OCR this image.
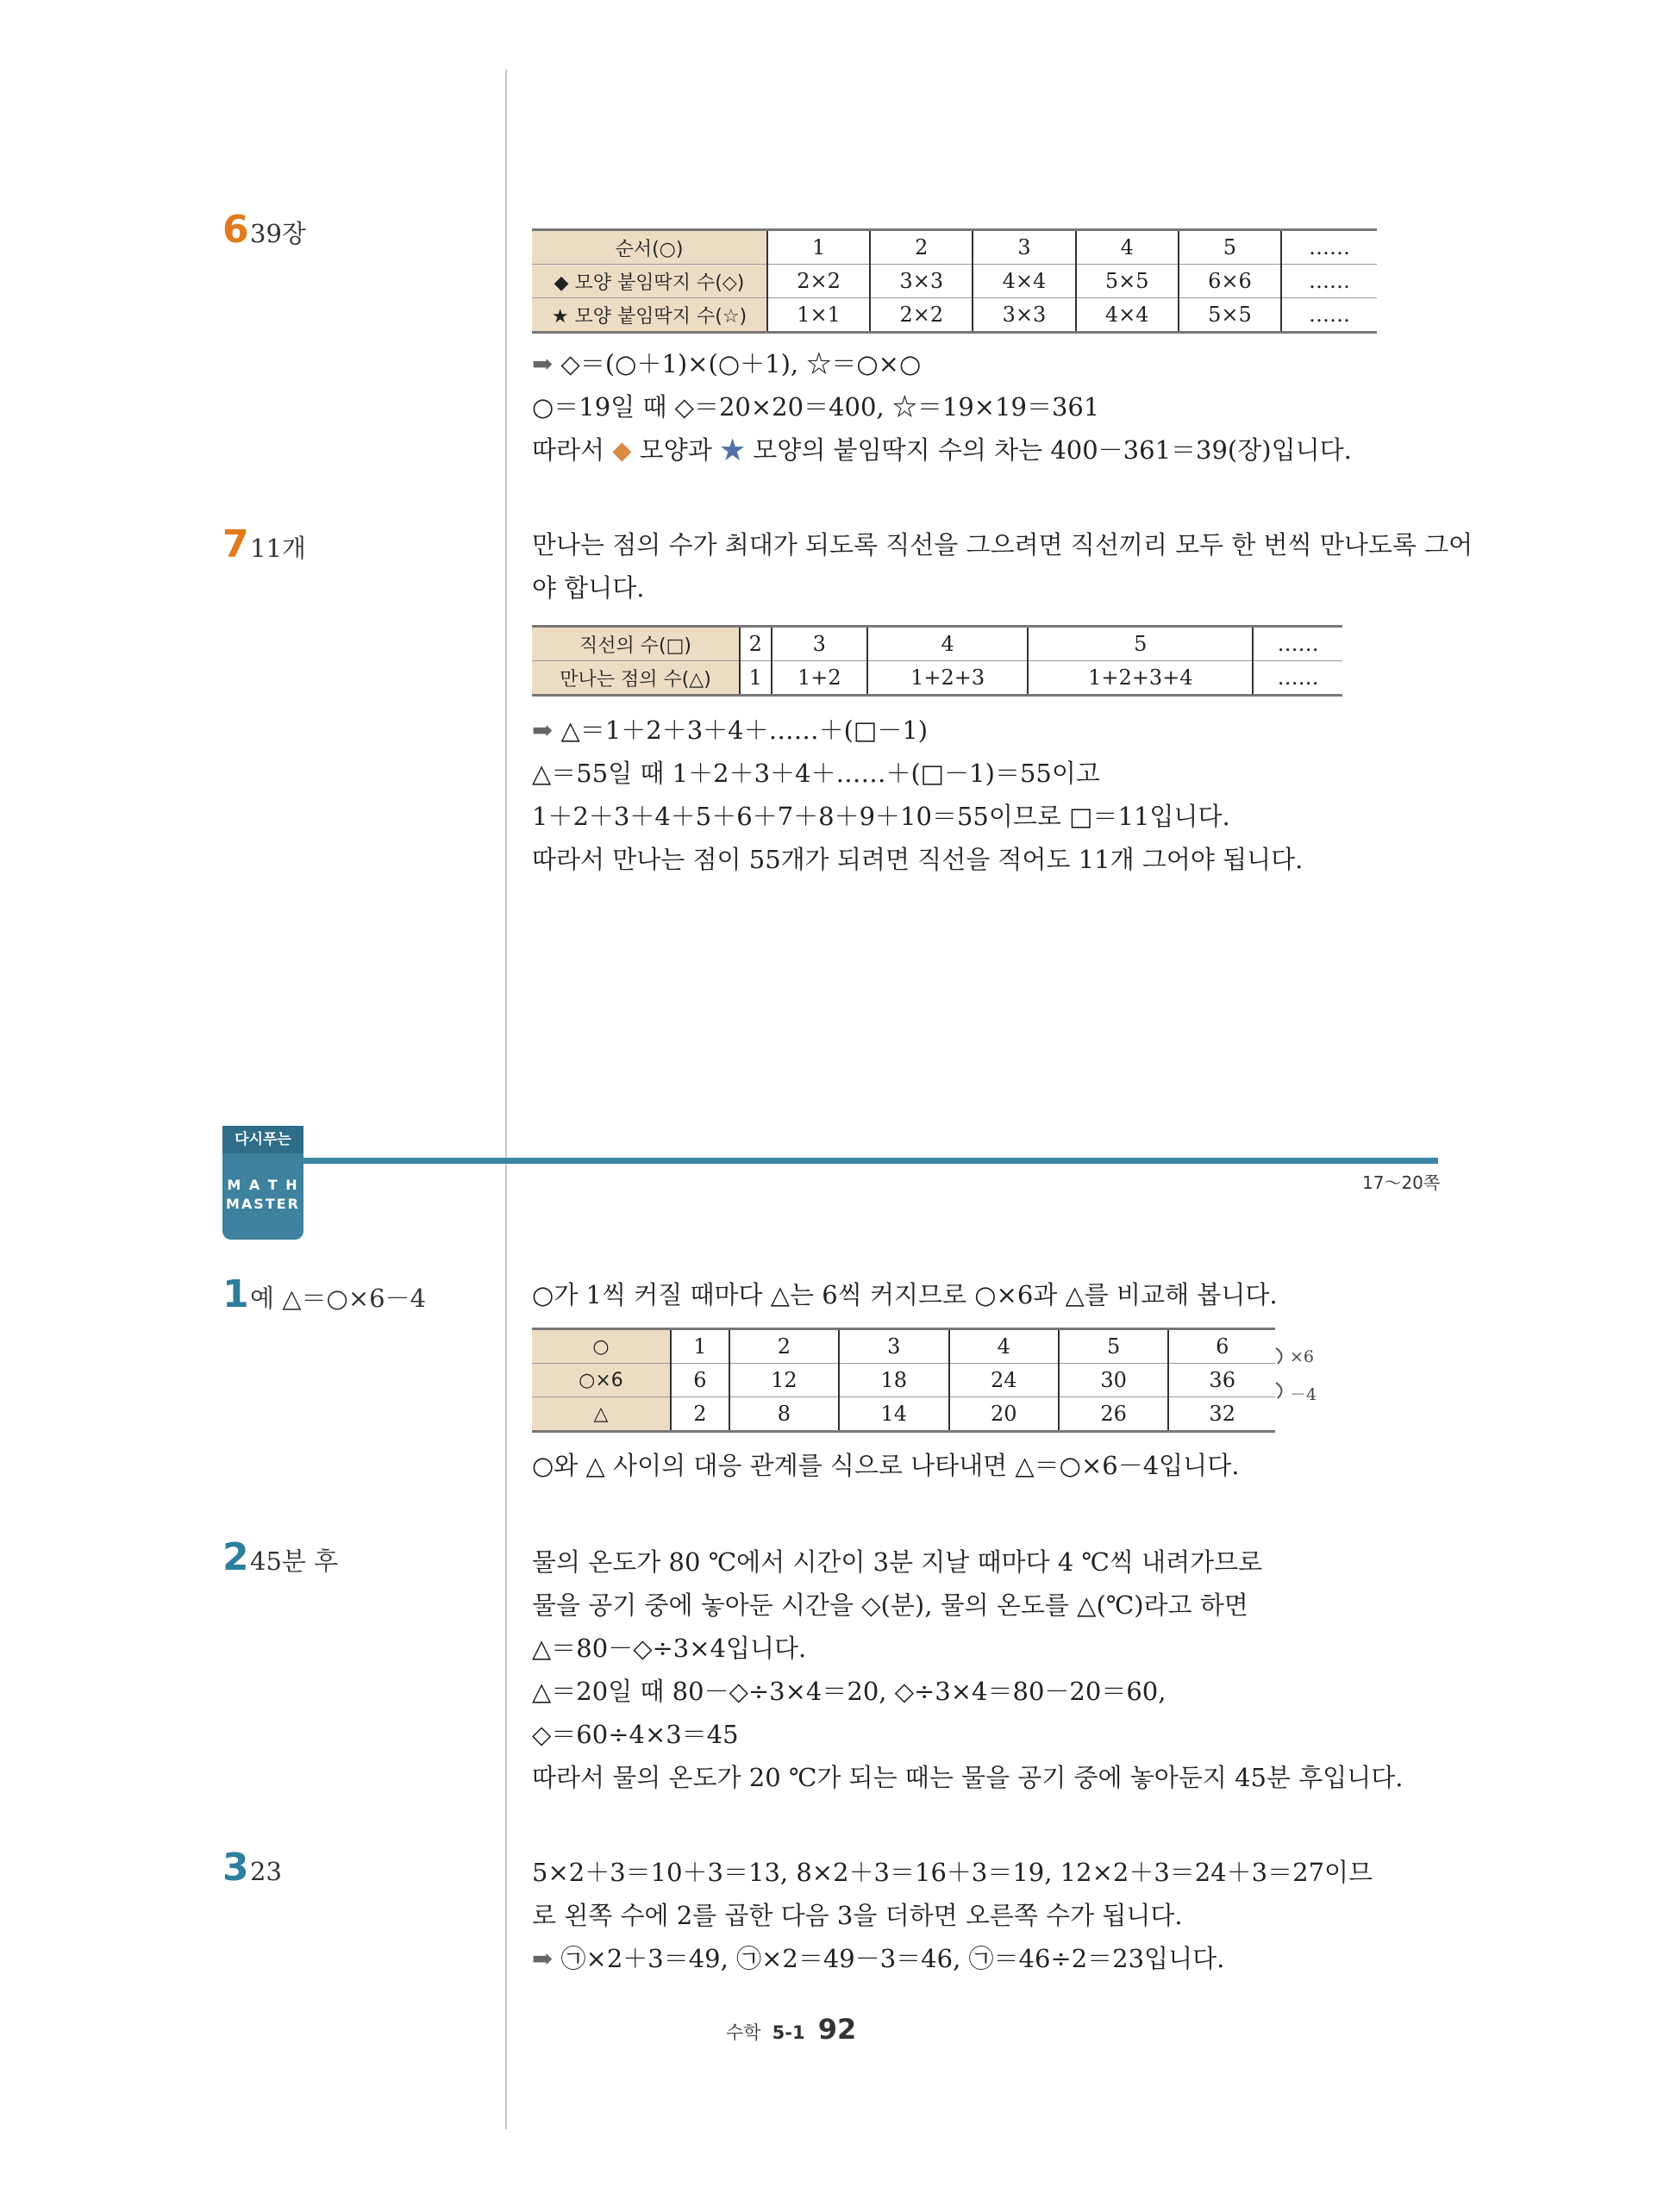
6 39장
순서(○)	1	2	3	4	5	……
◆ 모양 붙임딱지 수(◇)	2×2	3×3	4×4	5×5	6×6	……
★ 모양 붙임딱지 수(☆)	1×1	2×2	3×3	4×4	5×5	……
➡ ◇＝(○＋1)×(○＋1), ☆＝○×○
○＝19일 때 ◇＝20×20＝400, ☆＝19×19＝361
따라서 ◆ 모양과 ★ 모양의 붙임딱지 수의 차는 400－361＝39(장)입니다.
7 11개	만나는 점의 수가 최대가 되도록 직선을 그으려면 직선끼리 모두 한 번씩 만나도록 그어
야 합니다.
직선의 수(□)	2	3	4	5	……
만나는 점의 수(△)	1	1+2	1+2+3	1+2+3+4	……
➡ △＝1＋2＋3＋4＋……＋(□－1)
△＝55일 때 1＋2＋3＋4＋……＋(□－1)＝55이고
1＋2＋3＋4＋5＋6＋7＋8＋9＋10＝55이므로 □＝11입니다.
따라서 만나는 점이 55개가 되려면 직선을 적어도 11개 그어야 됩니다.
다시푸는
M A T H
MASTER
17～20쪽
1 예 △＝○×6－4	○가 1씩 커질 때마다 △는 6씩 커지므로 ○×6과 △를 비교해 봅니다.
○	1	2	3	4	5	6
○×6	6	12	18	24	30	36
△	2	8	14	20	26	32
×6
－4
○와 △ 사이의 대응 관계를 식으로 나타내면 △＝○×6－4입니다.
2 45분 후	물의 온도가 80 ℃에서 시간이 3분 지날 때마다 4 ℃씩 내려가므로
물을 공기 중에 놓아둔 시간을 ◇(분), 물의 온도를 △(℃)라고 하면
△＝80－◇÷3×4입니다.
△＝20일 때 80－◇÷3×4＝20, ◇÷3×4＝80－20＝60,
◇＝60÷4×3＝45
따라서 물의 온도가 20 ℃가 되는 때는 물을 공기 중에 놓아둔지 45분 후입니다.
3 23	5×2＋3＝10＋3＝13, 8×2＋3＝16＋3＝19, 12×2＋3＝24＋3＝27이므
로 왼쪽 수에 2를 곱한 다음 3을 더하면 오른쪽 수가 됩니다.
➡ ㉠×2＋3＝49, ㉠×2＝49－3＝46, ㉠＝46÷2＝23입니다.
수학 5-1 92
